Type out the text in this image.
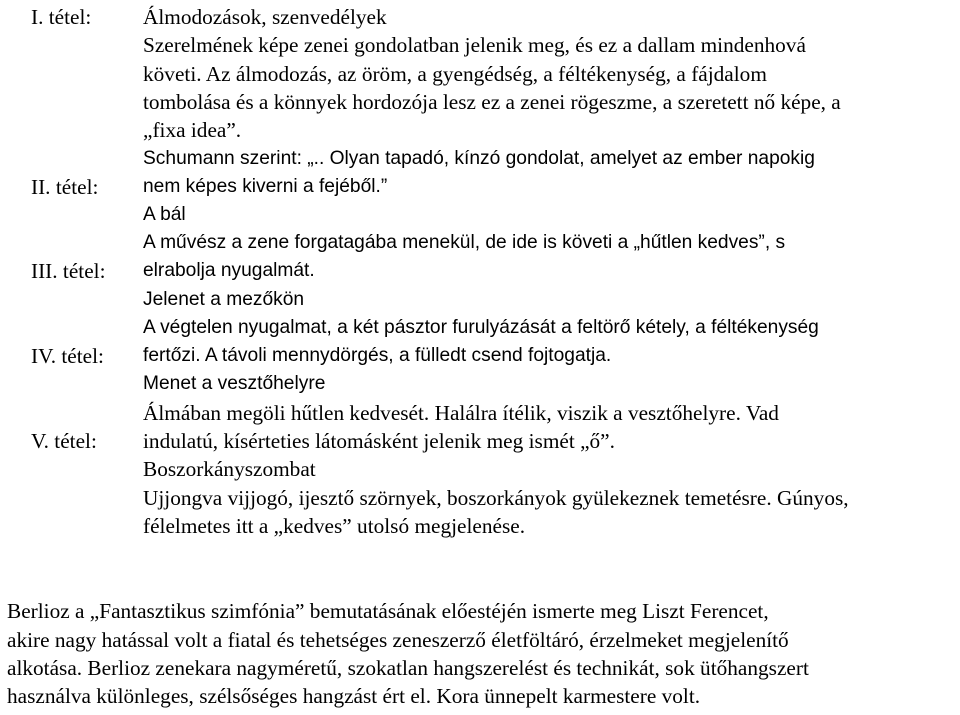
I. tétel:
II. tétel:
III. tétel:
IV. tétel:
V. tétel:
Álmodozások, szenvedélyek
Szerelmének képe zenei gondolatban jelenik meg, és ez a dallam mindenhová
követi. Az álmodozás, az öröm, a gyengédség, a féltékenység, a fájdalom
tombolása és a könnyek hordozója lesz ez a zenei rögeszme, a szeretett nő képe, a
„fixa idea”.
Schumann szerint: „.. Olyan tapadó, kínzó gondolat, amelyet az ember napokig
nem képes kiverni a fejéből.”
A bál
A művész a zene forgatagába menekül, de ide is követi a „hűtlen kedves”, s
elrabolja nyugalmát.
Jelenet a mezőkön
A végtelen nyugalmat, a két pásztor furulyázását a feltörő kétely, a féltékenység
fertőzi. A távoli mennydörgés, a fülledt csend fojtogatja.
Menet a vesztőhelyre
Álmában megöli hűtlen kedvesét. Halálra ítélik, viszik a vesztőhelyre. Vad
indulatú, kísérteties látomásként jelenik meg ismét „ő”.
Boszorkányszombat
Ujjongva vijjogó, ijesztő szörnyek, boszorkányok gyülekeznek temetésre. Gúnyos,
félelmetes itt a „kedves” utolsó megjelenése.
Berlioz a „Fantasztikus szimfónia” bemutatásának előestéjén ismerte meg Liszt Ferencet,
akire nagy hatással volt a fiatal és tehetséges zeneszerző életföltáró, érzelmeket megjelenítő
alkotása. Berlioz zenekara nagyméretű, szokatlan hangszerelést és technikát, sok ütőhangszert
használva különleges, szélsőséges hangzást ért el. Kora ünnepelt karmestere volt.
